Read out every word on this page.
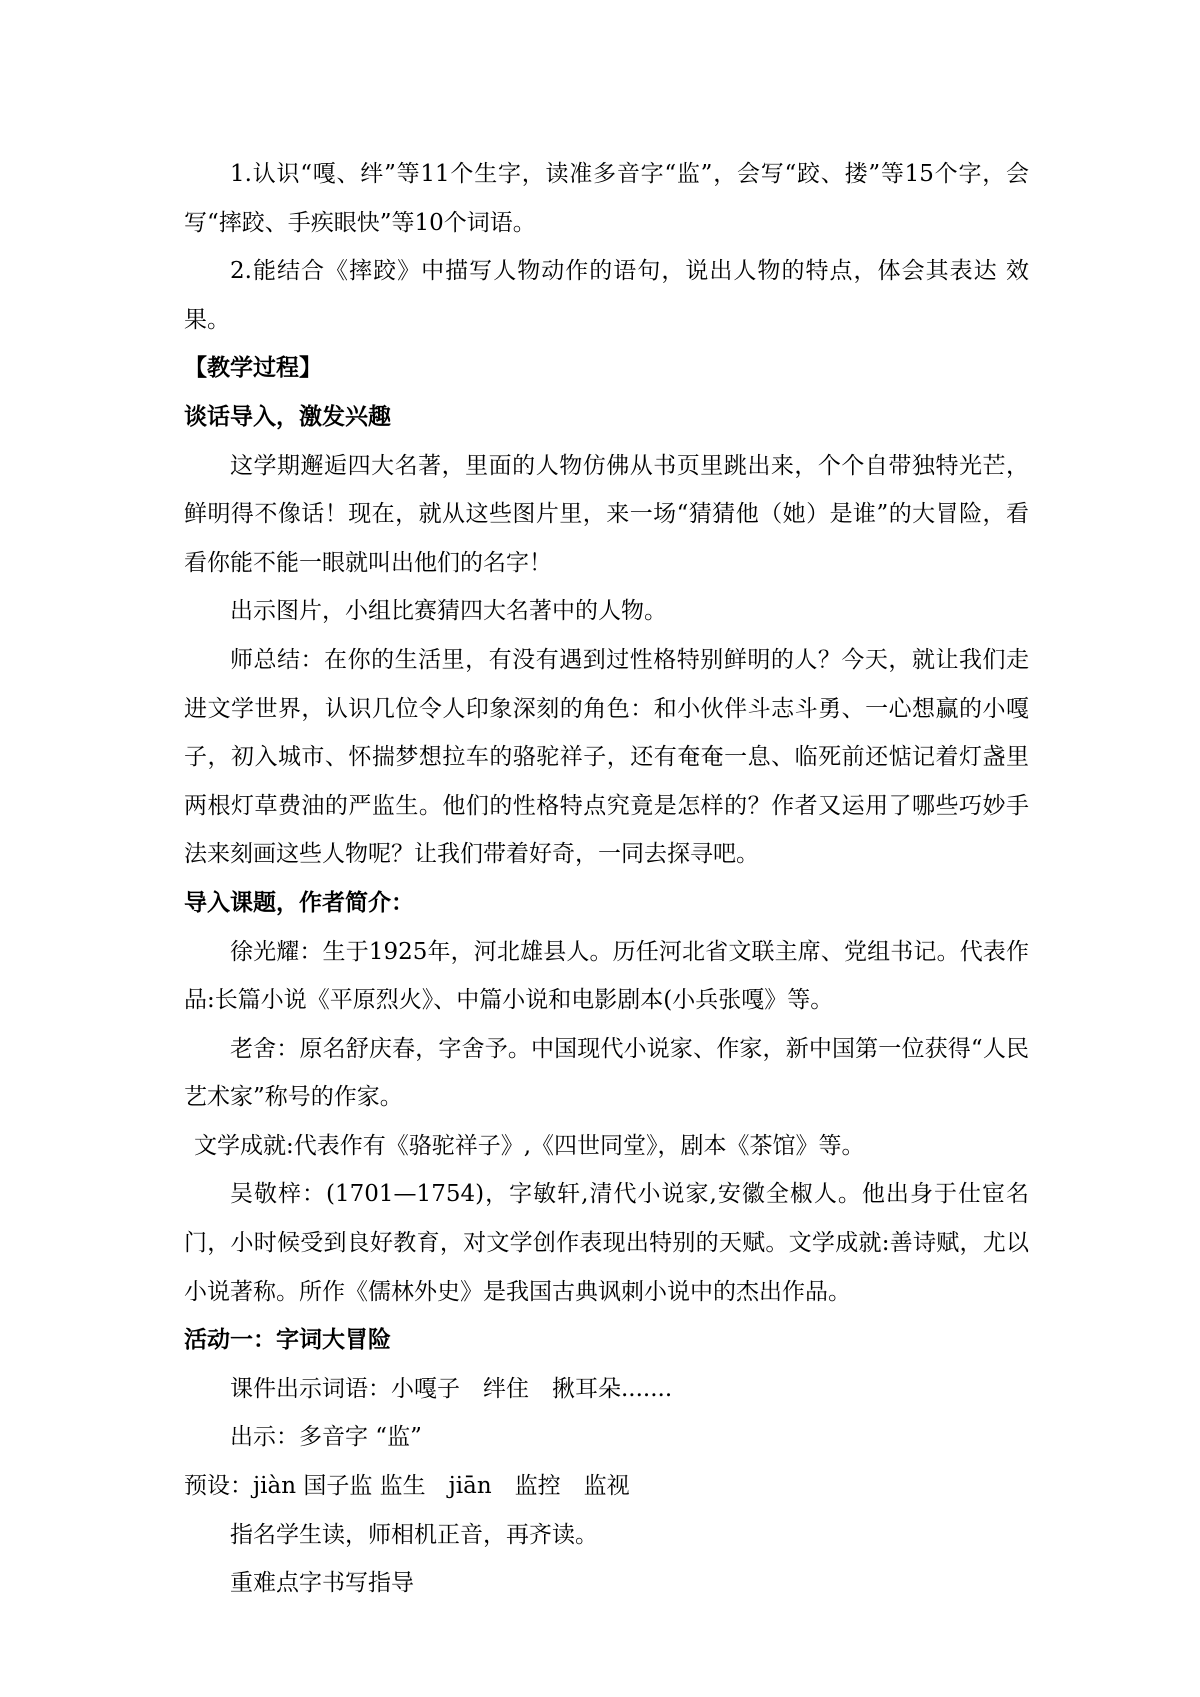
1.认识“嘎、绊”等11个生字，读准多音字“监”，会写“跤、搂”等15个字，会写“摔跤、手疾眼快”等10个词语。

2.能结合《摔跤》中描写人物动作的语句，说出人物的特点，体会其表达 效果。

【教学过程】

谈话导入，激发兴趣

这学期邂逅四大名著，里面的人物仿佛从书页里跳出来，个个自带独特光芒，鲜明得不像话！现在，就从这些图片里，来一场“猜猜他（她）是谁”的大冒险，看看你能不能一眼就叫出他们的名字！

出示图片，小组比赛猜四大名著中的人物。

师总结：在你的生活里，有没有遇到过性格特别鲜明的人？今天，就让我们走进文学世界，认识几位令人印象深刻的角色：和小伙伴斗志斗勇、一心想赢的小嘎子，初入城市、怀揣梦想拉车的骆驼祥子，还有奄奄一息、临死前还惦记着灯盏里两根灯草费油的严监生。他们的性格特点究竟是怎样的？作者又运用了哪些巧妙手法来刻画这些人物呢？让我们带着好奇，一同去探寻吧。

导入课题，作者简介：

徐光耀：生于1925年，河北雄县人。历任河北省文联主席、党组书记。代表作品:长篇小说《平原烈火》、中篇小说和电影剧本(小兵张嘎》等。

老舍：原名舒庆春，字舍予。中国现代小说家、作家，新中国第一位获得“人民艺术家”称号的作家。

文学成就:代表作有《骆驼祥子》,《四世同堂》，剧本《茶馆》等。

吴敬梓：(1701—1754)，字敏轩,清代小说家,安徽全椒人。他出身于仕宦名门，小时候受到良好教育，对文学创作表现出特别的天赋。文学成就:善诗赋，尤以小说著称。所作《儒林外史》是我国古典讽刺小说中的杰出作品。

活动一：字词大冒险

课件出示词语：小嘎子　绊住　揪耳朵.......

出示：多音字 “监”

预设：jiàn 国子监 监生　jiān　监控　监视

指名学生读，师相机正音，再齐读。

重难点字书写指导
